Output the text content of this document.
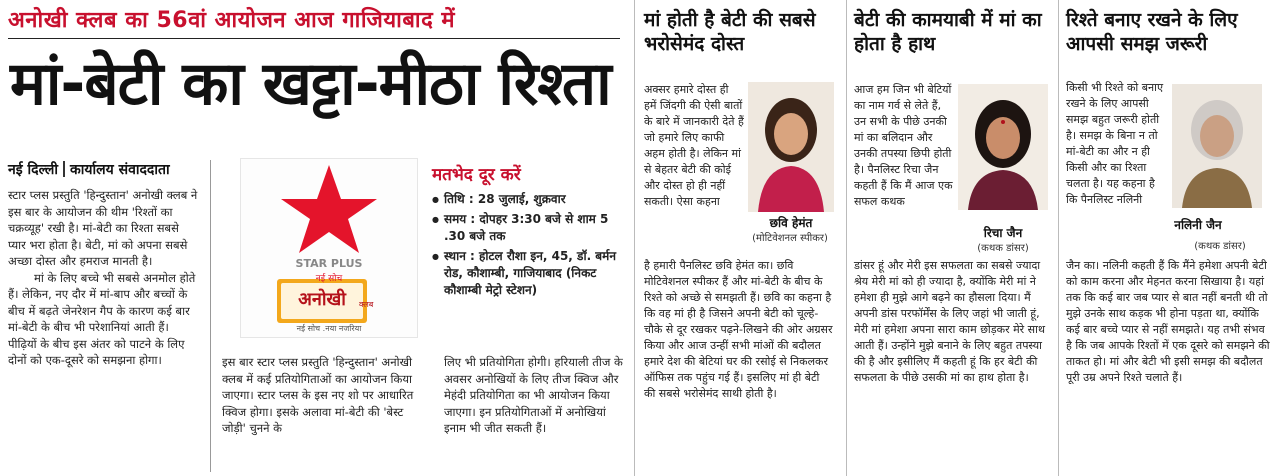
अनोखी क्लब का 56वां आयोजन आज गाजियाबाद में
मां-बेटी का खट्टा-मीठा रिश्ता
नई दिल्ली कार्यालय संवाददाता

स्टार प्लस प्रस्तुति 'हिन्दुस्तान' अनोखी क्लब ने इस बार के आयोजन की थीम 'रिश्तों का चक्रव्यूह' रखी है। मां-बेटी का रिश्ता सबसे प्यार भरा होता है। बेटी, मां को अपना सबसे अच्छा दोस्त और हमराज मानती है।

मां के लिए बच्चे भी सबसे अनमोल होते हैं। लेकिन, नए दौर में मां-बाप और बच्चों के बीच में बढ़ते जेनरेशन गैप के कारण कई बार मां-बेटी के बीच भी परेशानियां आती हैं। पीढ़ियों के बीच इस अंतर को पाटने के लिए दोनों को एक-दूसरे को समझना होगा।

STAR PLUS
नई सोच
अनोखी	क्लब
नई सोच .नया नजरिया
मतभेद दूर करें
● तिथि : 28 जुलाई, शुक्रवार
● समय : दोपहर 3:30 बजे से शाम 5 .30 बजे तक
● स्थान : होटल रौशा इन, 45, डॉ. बर्मन रोड, कौशाम्बी, गाजियाबाद (निकट कौशाम्बी मेट्रो स्टेशन)
इस बार स्टार प्लस प्रस्तुति 'हिन्दुस्तान' अनोखी क्लब में कई प्रतियोगिताओं का आयोजन किया जाएगा। स्टार प्लस के इस नए शो पर आधारित क्विज होगा। इसके अलावा मां-बेटी की 'बेस्ट जोड़ी' चुनने के
लिए भी प्रतियोगिता होगी। हरियाली तीज के अवसर अनोखियों के लिए तीज क्विज और मेहंदी प्रतियोगिता का भी आयोजन किया जाएगा। इन प्रतियोगिताओं में अनोखियां इनाम भी जीत सकती हैं।
मां होती है बेटी की सबसे भरोसेमंद दोस्त
अक्सर हमारे दोस्त ही हमें जिंदगी की ऐसी बातों के बारे में जानकारी देते हैं जो हमारे लिए काफी अहम होती है। लेकिन मां से बेहतर बेटी की कोई और दोस्त हो ही नहीं सकती। ऐसा कहना
छवि हेमंत
(मोटिवेशनल स्पीकर)
है हमारी पैनलिस्ट छवि हेमंत का। छवि मोटिवेशनल स्पीकर हैं और मां-बेटी के बीच के रिश्ते को अच्छे से समझती हैं। छवि का कहना है कि वह मां ही है जिसने अपनी बेटी को चूल्हे-चौके से दूर रखकर पढ़ने-लिखने की ओर अग्रसर किया और आज उन्हीं सभी मांओं की बदौलत हमारे देश की बेटियां घर की रसोई से निकलकर ऑफिस तक पहुंच गई हैं। इसलिए मां ही बेटी की सबसे भरोसेमंद साथी होती है।
बेटी की कामयाबी में मां का होता है हाथ
आज हम जिन भी बेटियों का नाम गर्व से लेते हैं, उन सभी के पीछे उनकी मां का बलिदान और उनकी तपस्या छिपी होती है। पैनलिस्ट रिचा जैन कहती हैं कि मैं आज एक सफल कथक
रिचा जैन
(कथक डांसर)
डांसर हूं और मेरी इस सफलता का सबसे ज्यादा श्रेय मेरी मां को ही ज्यादा है, क्योंकि मेरी मां ने हमेशा ही मुझे आगे बढ़ने का हौसला दिया। मैं अपनी डांस परफॉर्मेंस के लिए जहां भी जाती हूं, मेरी मां हमेशा अपना सारा काम छोड़कर मेरे साथ आती हैं। उन्होंने मुझे बनाने के लिए बहुत तपस्या की है और इसीलिए मैं कहती हूं कि हर बेटी की सफलता के पीछे उसकी मां का हाथ होता है।
रिश्ते बनाए रखने के लिए आपसी समझ जरूरी
किसी भी रिश्ते को बनाए रखने के लिए आपसी समझ बहुत जरूरी होती है। समझ के बिना न तो मां-बेटी का और न ही किसी और का रिश्ता चलता है। यह कहना है कि पैनलिस्ट नलिनी
नलिनी जैन
(कथक डांसर)
जैन का। नलिनी कहती हैं कि मैंने हमेशा अपनी बेटी को काम करना और मेहनत करना सिखाया है। यहां तक कि कई बार जब प्यार से बात नहीं बनती थी तो मुझे उनके साथ कड़क भी होना पड़ता था, क्योंकि कई बार बच्चे प्यार से नहीं समझते। यह तभी संभव है कि जब आपके रिश्तों में एक दूसरे को समझने की ताकत हो। मां और बेटी भी इसी समझ की बदौलत पूरी उम्र अपने रिश्ते चलाते हैं।
